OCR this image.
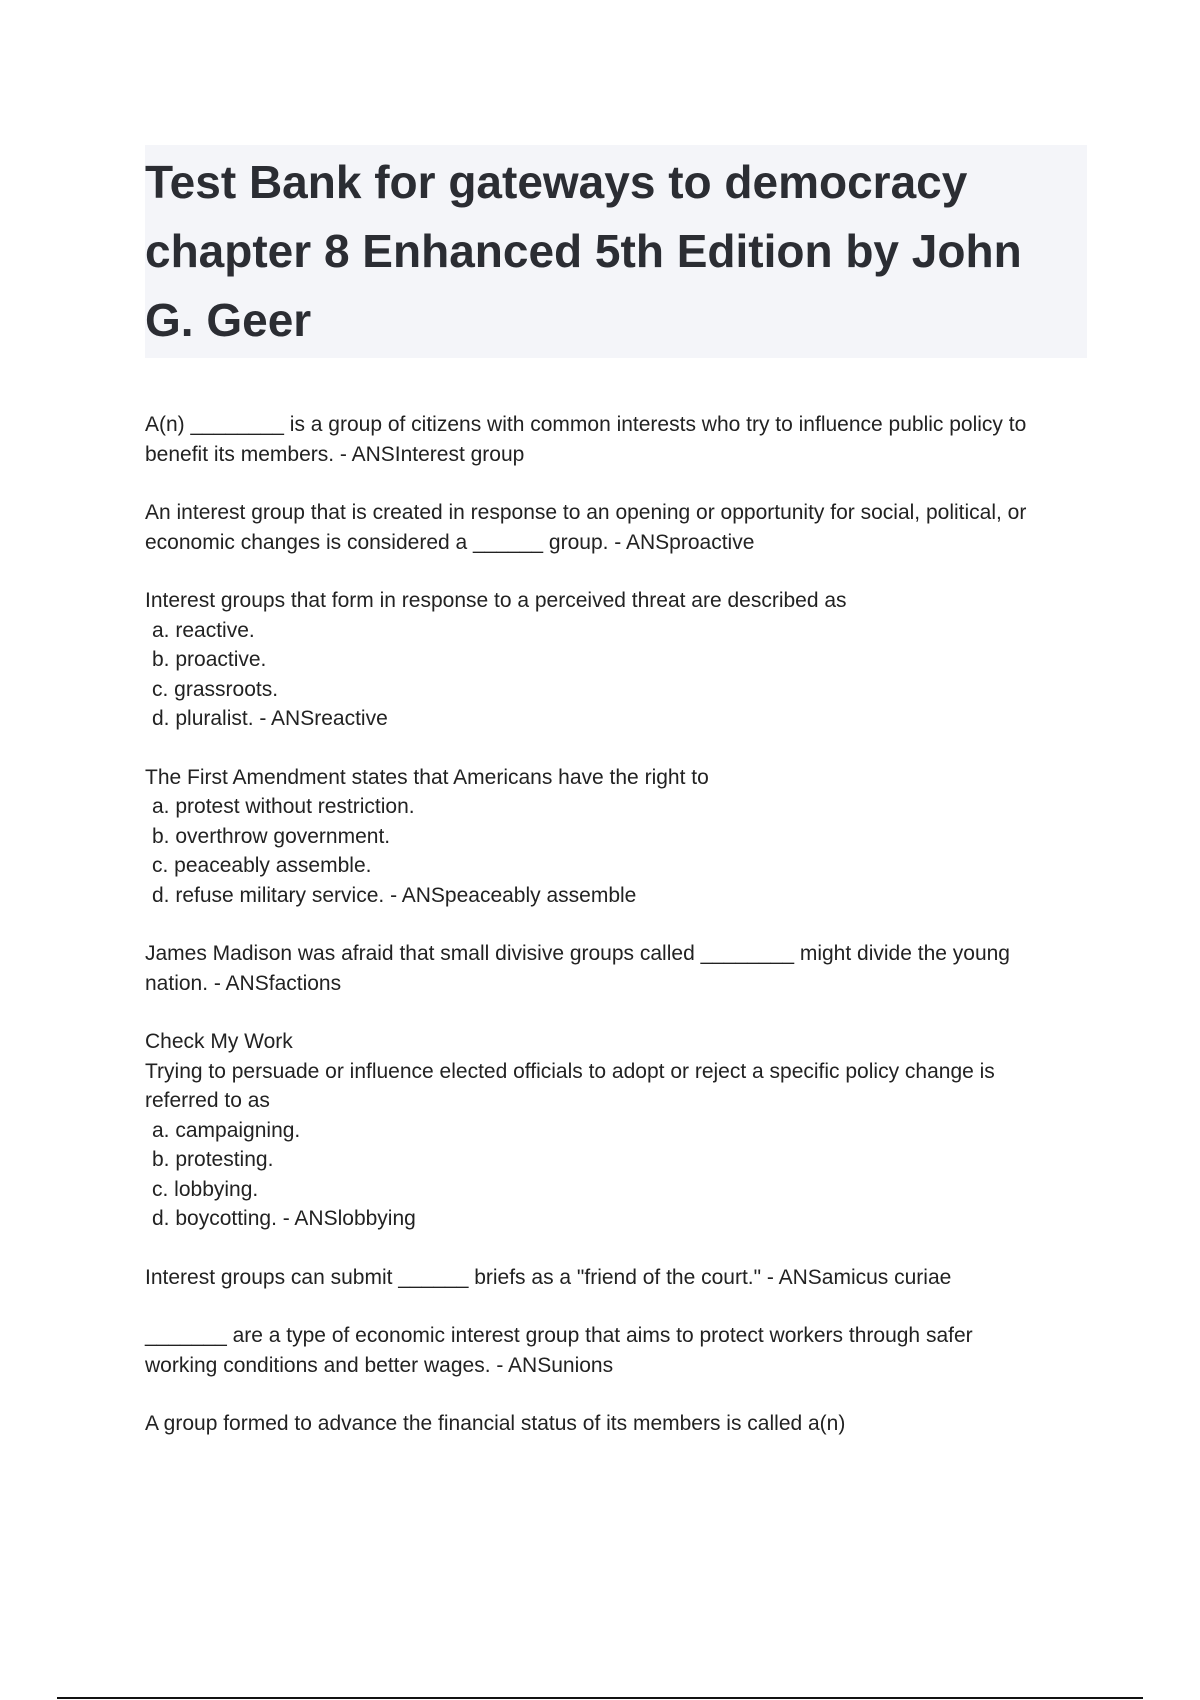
Test Bank for gateways to democracy
chapter 8 Enhanced 5th Edition by John
G. Geer
A(n) ________ is a group of citizens with common interests who try to influence public policy to
benefit its members. - ANSInterest group
An interest group that is created in response to an opening or opportunity for social, political, or
economic changes is considered a ______ group. - ANSproactive
Interest groups that form in response to a perceived threat are described as
a. reactive.
b. proactive.
c. grassroots.
d. pluralist. - ANSreactive
The First Amendment states that Americans have the right to
a. protest without restriction.
b. overthrow government.
c. peaceably assemble.
d. refuse military service. - ANSpeaceably assemble
James Madison was afraid that small divisive groups called ________ might divide the young
nation. - ANSfactions
Check My Work
Trying to persuade or influence elected officials to adopt or reject a specific policy change is
referred to as
a. campaigning.
b. protesting.
c. lobbying.
d. boycotting. - ANSlobbying
Interest groups can submit ______ briefs as a "friend of the court." - ANSamicus curiae
_______ are a type of economic interest group that aims to protect workers through safer
working conditions and better wages. - ANSunions
A group formed to advance the financial status of its members is called a(n)
